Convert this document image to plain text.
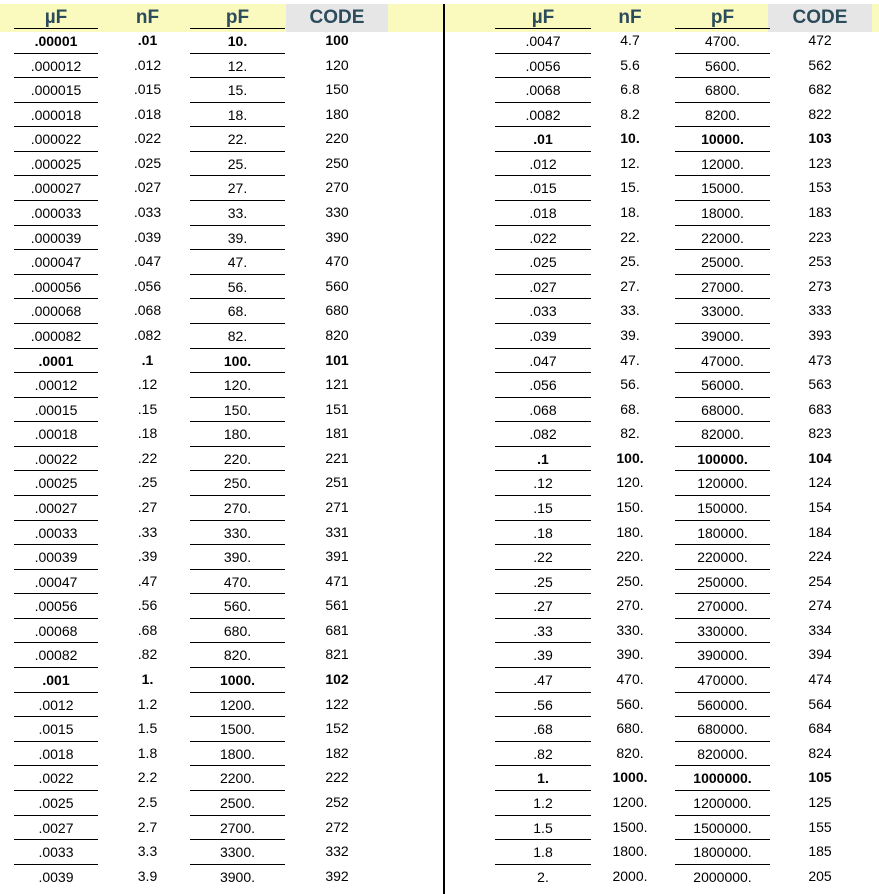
µF	nF	pF	CODE
.00001	.01	10.	100
.000012	.012	12.	120
.000015	.015	15.	150
.000018	.018	18.	180
.000022	.022	22.	220
.000025	.025	25.	250
.000027	.027	27.	270
.000033	.033	33.	330
.000039	.039	39.	390
.000047	.047	47.	470
.000056	.056	56.	560
.000068	.068	68.	680
.000082	.082	82.	820
.0001	.1	100.	101
.00012	.12	120.	121
.00015	.15	150.	151
.00018	.18	180.	181
.00022	.22	220.	221
.00025	.25	250.	251
.00027	.27	270.	271
.00033	.33	330.	331
.00039	.39	390.	391
.00047	.47	470.	471
.00056	.56	560.	561
.00068	.68	680.	681
.00082	.82	820.	821
.001	1.	1000.	102
.0012	1.2	1200.	122
.0015	1.5	1500.	152
.0018	1.8	1800.	182
.0022	2.2	2200.	222
.0025	2.5	2500.	252
.0027	2.7	2700.	272
.0033	3.3	3300.	332
.0039	3.9	3900.	392
µF	nF	pF	CODE
.0047	4.7	4700.	472
.0056	5.6	5600.	562
.0068	6.8	6800.	682
.0082	8.2	8200.	822
.01	10.	10000.	103
.012	12.	12000.	123
.015	15.	15000.	153
.018	18.	18000.	183
.022	22.	22000.	223
.025	25.	25000.	253
.027	27.	27000.	273
.033	33.	33000.	333
.039	39.	39000.	393
.047	47.	47000.	473
.056	56.	56000.	563
.068	68.	68000.	683
.082	82.	82000.	823
.1	100.	100000.	104
.12	120.	120000.	124
.15	150.	150000.	154
.18	180.	180000.	184
.22	220.	220000.	224
.25	250.	250000.	254
.27	270.	270000.	274
.33	330.	330000.	334
.39	390.	390000.	394
.47	470.	470000.	474
.56	560.	560000.	564
.68	680.	680000.	684
.82	820.	820000.	824
1.	1000.	1000000.	105
1.2	1200.	1200000.	125
1.5	1500.	1500000.	155
1.8	1800.	1800000.	185
2.	2000.	2000000.	205
